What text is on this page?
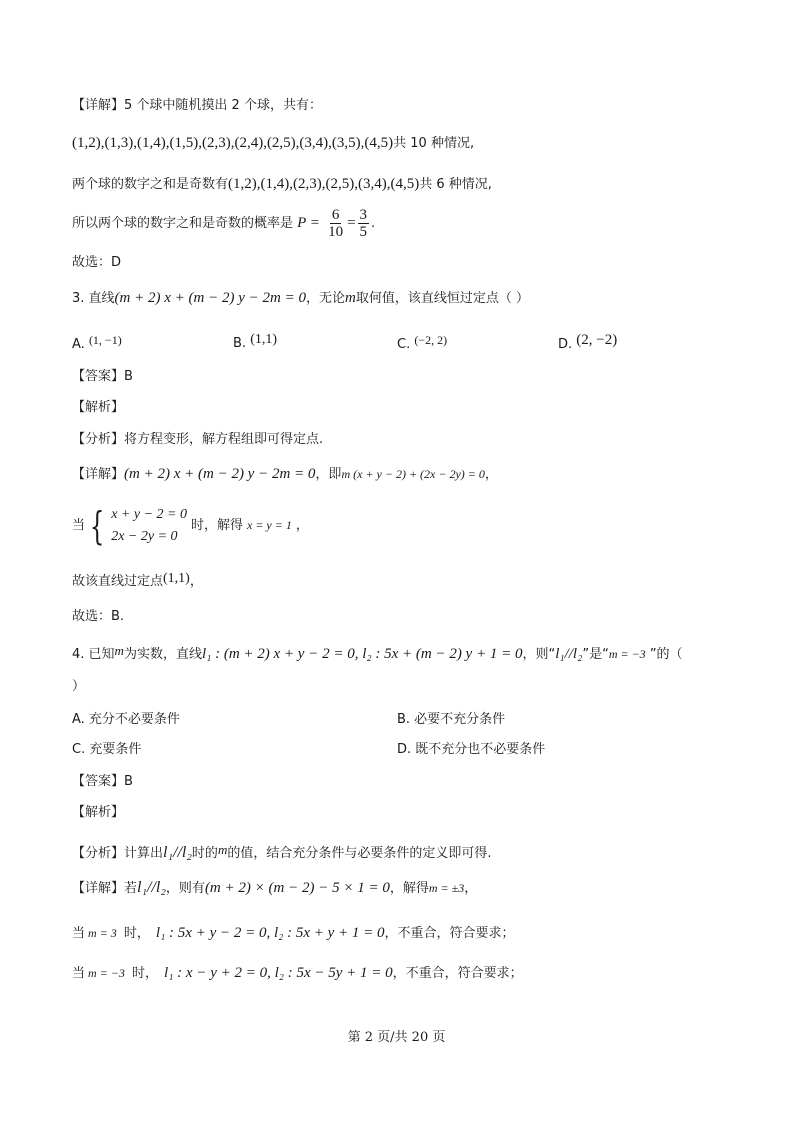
【详解】5 个球中随机摸出 2 个球，共有：
(1,2),(1,3),(1,4),(1,5),(2,3),(2,4),(2,5),(3,4),(3,5),(4,5)共 10 种情况,
两个球的数字之和是奇数有(1,2),(1,4),(2,3),(2,5),(3,4),(4,5)共 6 种情况,
所以两个球的数字之和是奇数的概率是 $P = \frac{6}{10} = \frac{3}{5}$ .
故选：D
3. 直线(m + 2) x + (m − 2) y − 2m = 0，无论m取何值，该直线恒过定点（ ）
A. (1, −1)	B. (1,1)	C. (−2, 2)	D. (2, −2)
【答案】B
【解析】
【分析】将方程变形，解方程组即可得定点.
【详解】(m + 2) x + (m − 2) y − 2m = 0，即m (x + y − 2) + (2x − 2y) = 0，
当 { x + y − 2 = 0
2x − 2y = 0
时，解得 x = y = 1 ，
故该直线过定点(1,1)，
故选：B.
4. 已知m为实数，直线l₁ : (m + 2) x + y − 2 = 0, l₂ : 5x + (m − 2) y + 1 = 0，则“l₁//l₂”是“m = −3 ”的（
）
A. 充分不必要条件	B. 必要不充分条件
C. 充要条件	D. 既不充分也不必要条件
【答案】B
【解析】
【分析】计算出l₁//l₂时的m的值，结合充分条件与必要条件的定义即可得.
【详解】若l₁//l₂，则有(m + 2) × (m − 2) − 5 × 1 = 0，解得m = ±3，
当 m = 3 时， l₁ : 5x + y − 2 = 0, l₂ : 5x + y + 1 = 0，不重合，符合要求；
当 m = −3 时， l₁ : x − y + 2 = 0, l₂ : 5x − 5y + 1 = 0，不重合，符合要求；
第 2 页/共 20 页
